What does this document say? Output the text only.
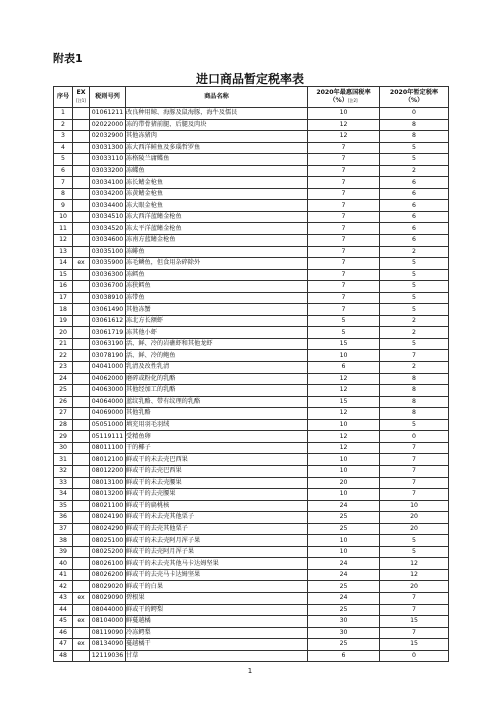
附表1
进口商品暂定税率表
序号	EX
[注1]	税则号列	商品名称	2020年最惠国税率
（%）[注2]	2020年暂定税率
（%）
1		01061211	改良种用鲸、海豚及鼠海豚，海牛及儒艮	10	0
2		02022000	冻的带骨猪前腿、后腿及肉块	12	8
3		02032900	其他冻猪肉	12	8
4		03031300	冻大西洋鲑鱼及多瑙哲罗鱼	7	5
5		03033110	冻格陵兰庸鲽鱼	7	5
6		03033200	冻鲽鱼	7	2
7		03034100	冻长鳍金枪鱼	7	6
8		03034200	冻黄鳍金枪鱼	7	6
9		03034400	冻大眼金枪鱼	7	6
10		03034510	冻大西洋蓝鳍金枪鱼	7	6
11		03034520	冻太平洋蓝鳍金枪鱼	7	6
12		03034600	冻南方蓝鳍金枪鱼	7	6
13		03035100	冻鲱鱼	7	2
14	ex	03035900	冻毛鳞鱼，但食用杂碎除外	7	5
15		03036300	冻鳕鱼	7	5
16		03036700	冻狭鳕鱼	7	5
17		03038910	冻带鱼	7	5
18		03061490	其他冻蟹	7	5
19		03061612	冻北方长额虾	5	2
20		03061719	冻其他小虾	5	2
21		03063190	活、鲜、冷的岩礁虾和其他龙虾	15	5
22		03078190	活、鲜、冷的鲍鱼	10	7
23		04041000	乳清及改性乳清	6	2
24		04062000	磨碎或粉化的乳酪	12	8
25		04063000	其他经加工的乳酪	12	8
26		04064000	蓝纹乳酪、带有纹理的乳酪	15	8
27		04069000	其他乳酪	12	8
28		05051000	填充用羽毛羽绒	10	5
29		05119111	受精鱼卵	12	0
30		08011100	干的椰子	12	7
31		08012100	鲜或干的未去壳巴西果	10	7
32		08012200	鲜或干的去壳巴西果	10	7
33		08013100	鲜或干的未去壳腰果	20	7
34		08013200	鲜或干的去壳腰果	10	7
35		08021100	鲜或干的扁桃核	24	10
36		08024190	鲜或干的未去壳其他栗子	25	20
37		08024290	鲜或干的去壳其他栗子	25	20
38		08025100	鲜或干的未去壳阿月浑子果	10	5
39		08025200	鲜或干的去壳阿月浑子果	10	5
40		08026100	鲜或干的未去壳其他马卡达姆坚果	24	12
41		08026200	鲜或干的去壳马卡达姆坚果	24	12
42		08029020	鲜或干的白果	25	20
43	ex	08029090	碧根果	24	7
44		08044000	鲜或干的鳄梨	25	7
45	ex	08104000	鲜蔓越橘	30	15
46		08119090	冷冻鳄梨	30	7
47	ex	08134090	蔓越橘干	25	15
48		12119036	甘草	6	0
1
